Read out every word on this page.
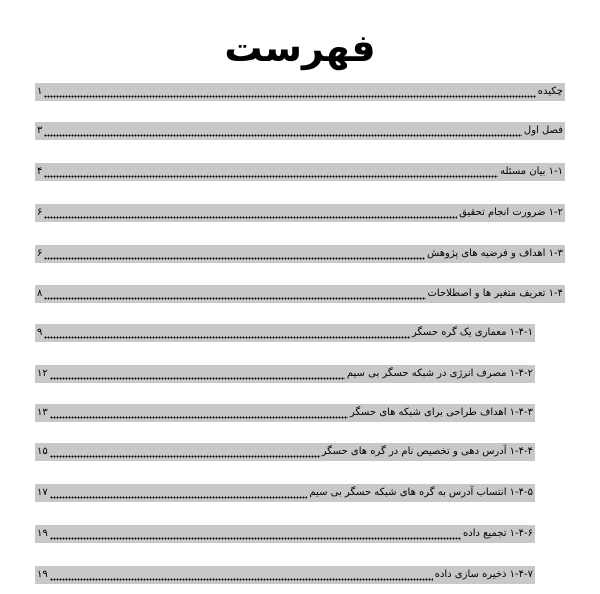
فهرست
چکیده
۱
فصل اول
۳
۱-۱ بیان مسئله
۴
۱-۲ ضرورت انجام تحقیق
۶
۱-۳ اهداف و فرضیه های پژوهش
۶
۱-۴ تعریف متغیر ها و اصطلاحات
۸
۱-۴-۱ معماری یک گره حسگر
۹
۱-۴-۲ مصرف انرژی در شبکه حسگر بی سیم
۱۲
۱-۴-۳ اهداف طراحی برای شبکه های حسگر
۱۳
۱-۴-۴ آدرس دهی و تخصیص نام در گره های حسگر
۱۵
۱-۴-۵ انتساب آدرس به گره های شبکه حسگر بی سیم
۱۷
۱-۴-۶ تجمیع داده
۱۹
۱-۴-۷ ذخیره سازی داده
۱۹
